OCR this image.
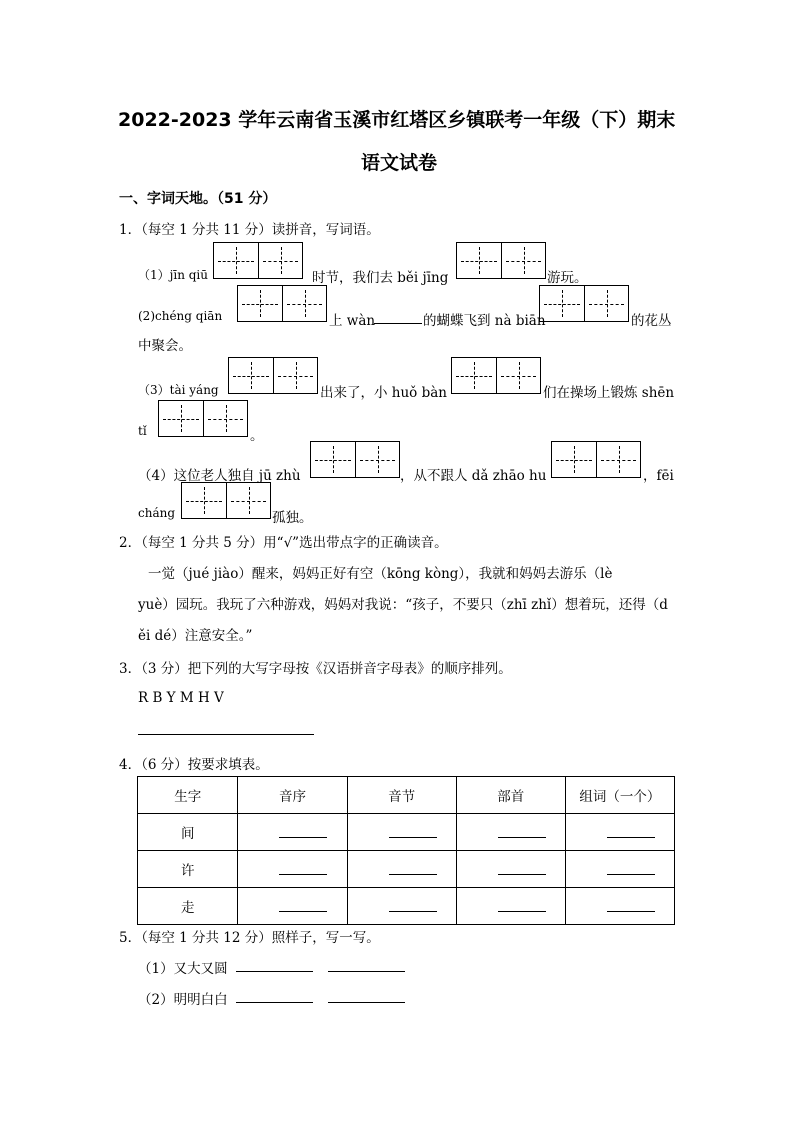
2022-2023 学年云南省玉溪市红塔区乡镇联考一年级（下）期末
语文试卷
一、字词天地。（51 分）
1．（每空 1 分共 11 分）读拼音，写词语。
（1）jīn qiū	时节，我们去 běi jīng	游玩。
(2)chéng qiān	上 wàn	的蝴蝶飞到 nà biān	的花丛
中聚会。
（3）tài yáng	出来了，小 huǒ bàn	们在操场上锻炼 shēn
tǐ	。
（4）这位老人独自 jū zhù	，从不跟人 dǎ zhāo hu	，fēi
cháng	孤独。
2．（每空 1 分共 5 分）用“√”选出带点字的正确读音。
一觉（jué jiào）醒来，妈妈正好有空（kōng kòng），我就和妈妈去游乐（lè
yuè）园玩。我玩了六种游戏，妈妈对我说：“孩子，不要只（zhī zhǐ）想着玩，还得（d
ěi dé）注意安全。”
3．（3 分）把下列的大写字母按《汉语拼音字母表》的顺序排列。
R B Y M H V
4．（6 分）按要求填表。
生字	音序	音节	部首	组词（一个）
间				
许				
走				
5．（每空 1 分共 12 分）照样子，写一写。
（1）又大又圆
（2）明明白白
